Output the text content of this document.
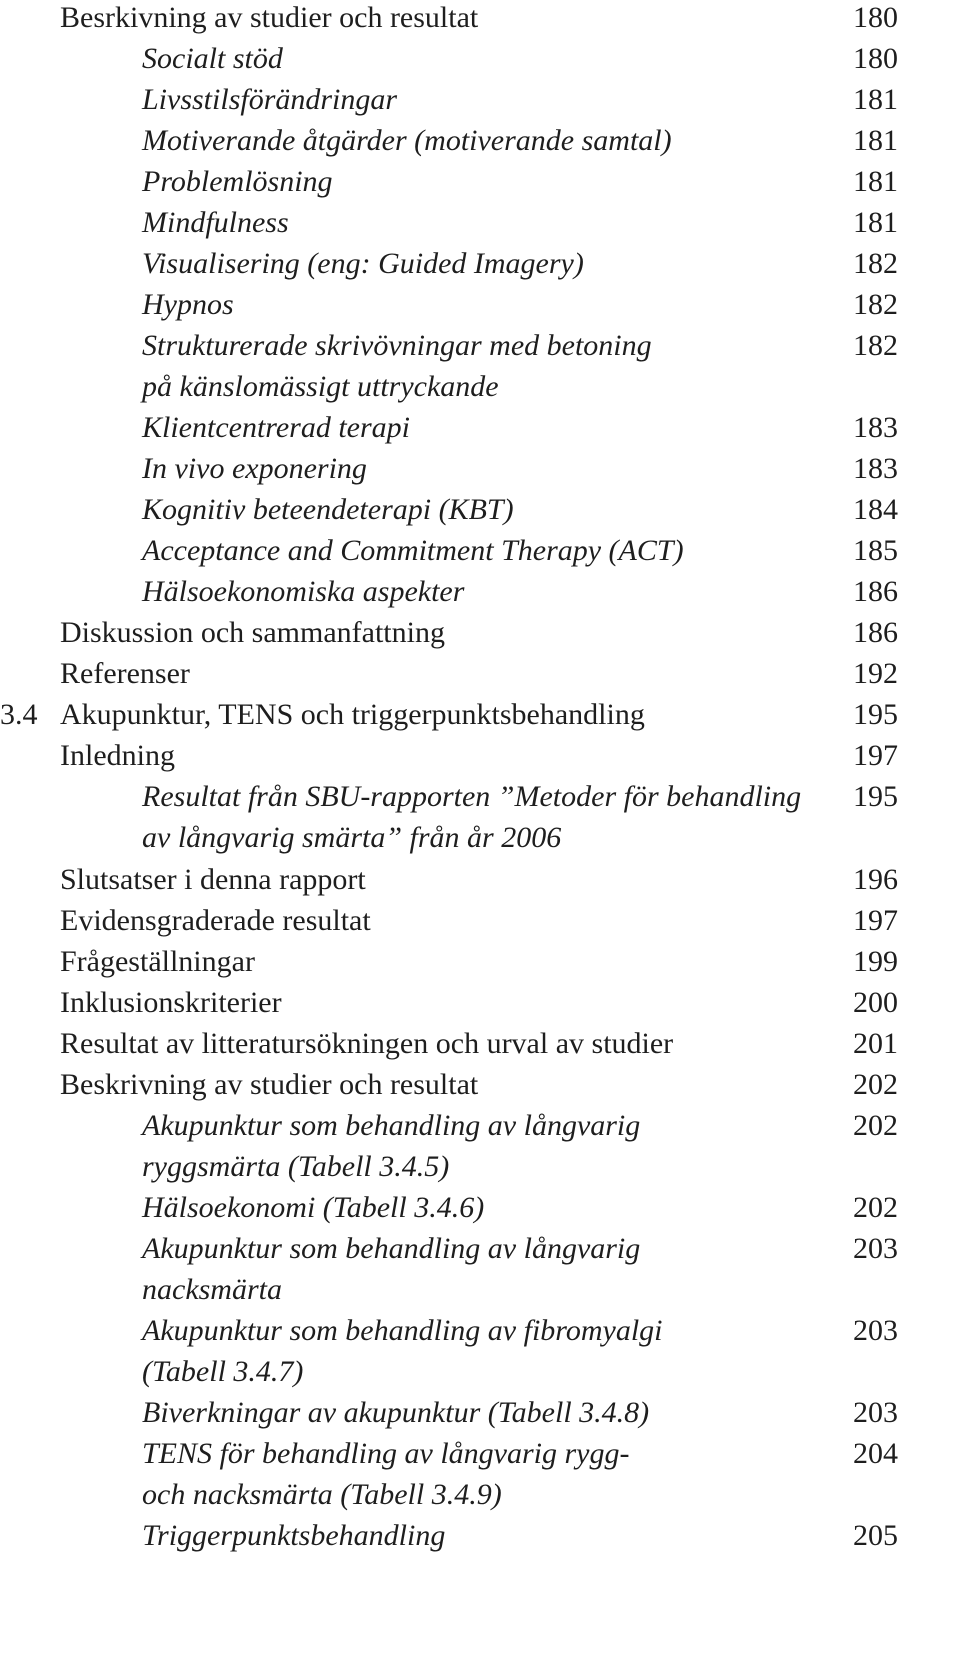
Besrkivning av studier och resultat	180
Socialt stöd	180
Livsstilsförändringar	181
Motiverande åtgärder (motiverande samtal)	181
Problemlösning	181
Mindfulness	181
Visualisering (eng: Guided Imagery)	182
Hypnos	182
Strukturerade skrivövningar med betoning	182
på känslomässigt uttryckande
Klientcentrerad terapi	183
In vivo exponering	183
Kognitiv beteendeterapi (KBT)	184
Acceptance and Commitment Therapy (ACT)	185
Hälsoekonomiska aspekter	186
Diskussion och sammanfattning	186
Referenser	192
3.4 Akupunktur, TENS och triggerpunktsbehandling	195
Inledning	197
Resultat från SBU-rapporten ”Metoder för behandling	195
av långvarig smärta” från år 2006
Slutsatser i denna rapport	196
Evidensgraderade resultat	197
Frågeställningar	199
Inklusionskriterier	200
Resultat av litteratursökningen och urval av studier	201
Beskrivning av studier och resultat	202
Akupunktur som behandling av långvarig	202
ryggsmärta (Tabell 3.4.5)
Hälsoekonomi (Tabell 3.4.6)	202
Akupunktur som behandling av långvarig	203
nacksmärta
Akupunktur som behandling av fibromyalgi	203
(Tabell 3.4.7)
Biverkningar av akupunktur (Tabell 3.4.8)	203
TENS för behandling av långvarig rygg-	204
och nacksmärta (Tabell 3.4.9)
Triggerpunktsbehandling	205
